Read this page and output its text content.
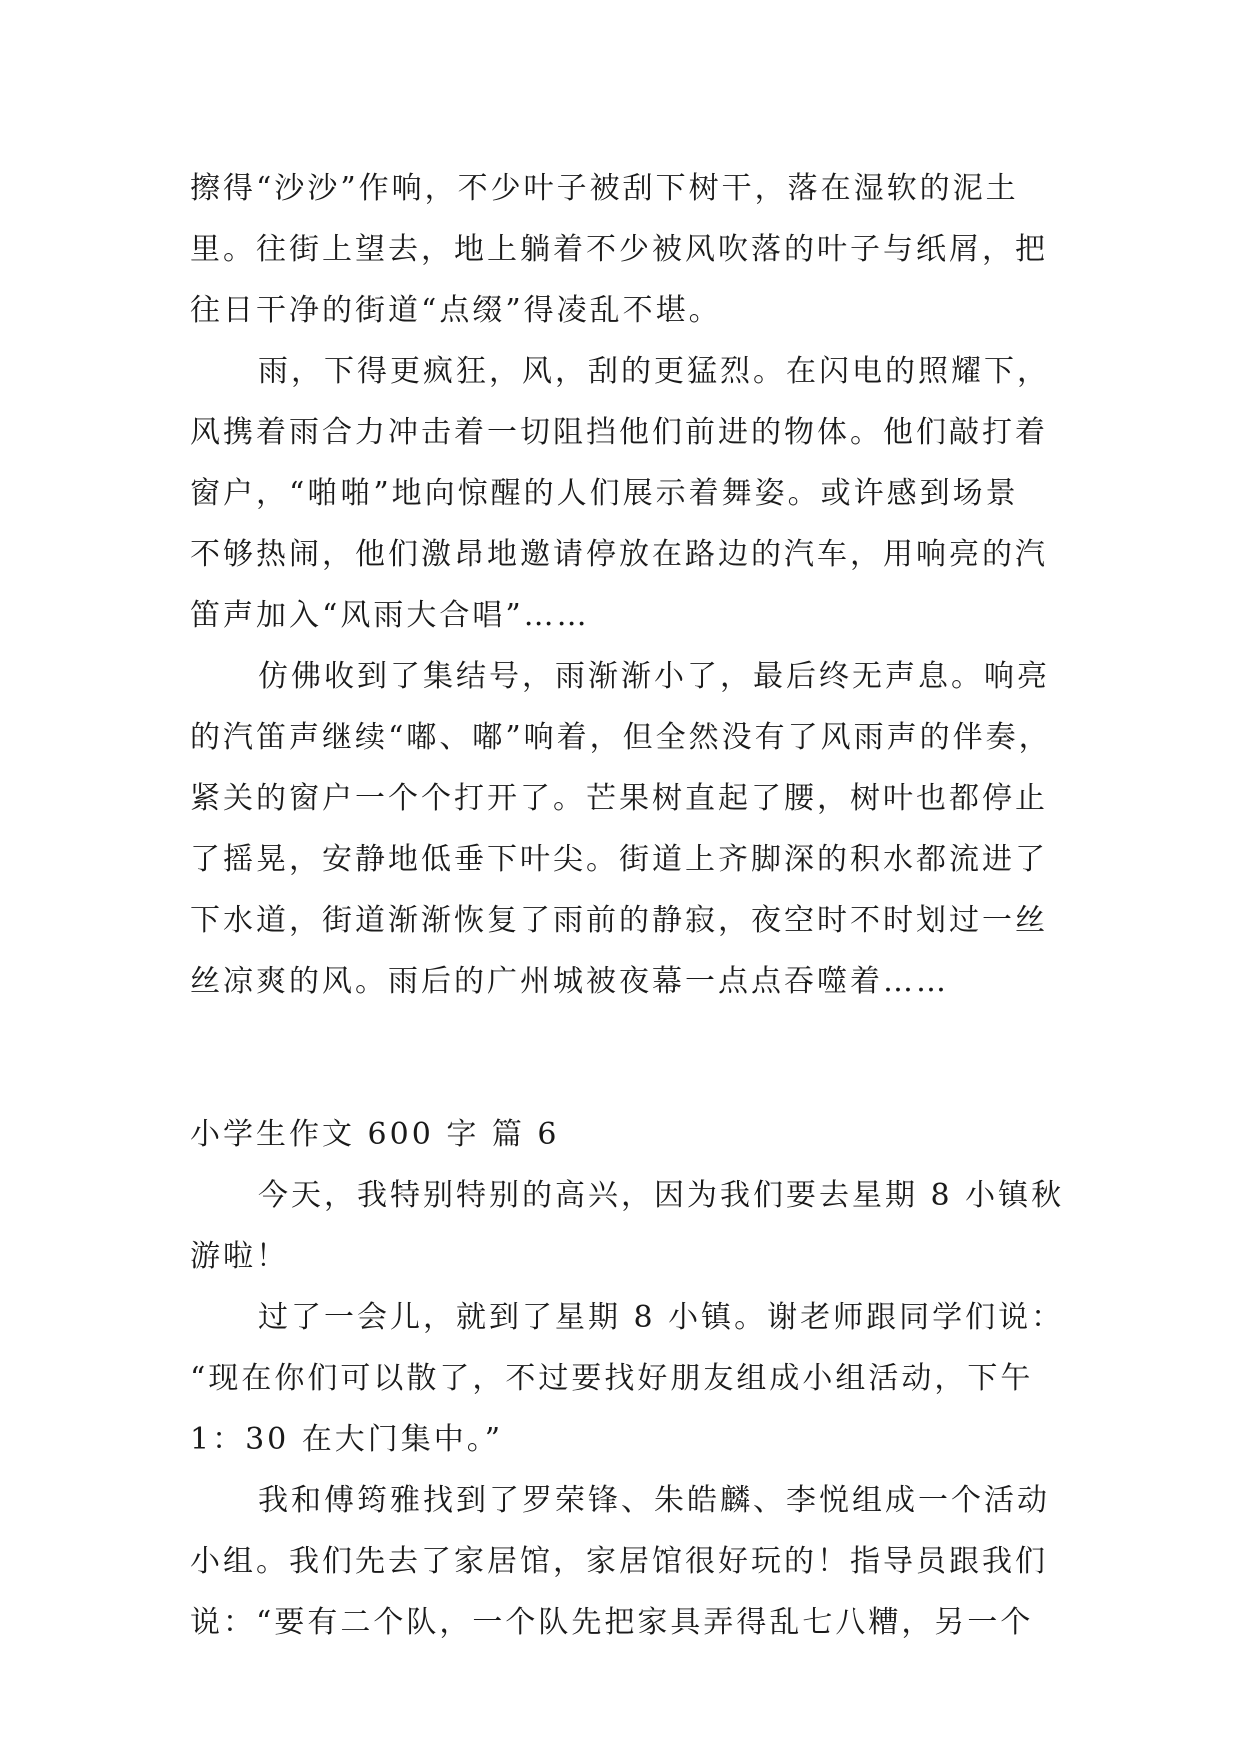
擦得“沙沙”作响，不少叶子被刮下树干，落在湿软的泥土
里。往街上望去，地上躺着不少被风吹落的叶子与纸屑，把
往日干净的街道“点缀”得凌乱不堪。
雨，下得更疯狂，风，刮的更猛烈。在闪电的照耀下，
风携着雨合力冲击着一切阻挡他们前进的物体。他们敲打着
窗户，“啪啪”地向惊醒的人们展示着舞姿。或许感到场景
不够热闹，他们激昂地邀请停放在路边的汽车，用响亮的汽
笛声加入“风雨大合唱”……
仿佛收到了集结号，雨渐渐小了，最后终无声息。响亮
的汽笛声继续“嘟、嘟”响着，但全然没有了风雨声的伴奏，
紧关的窗户一个个打开了。芒果树直起了腰，树叶也都停止
了摇晃，安静地低垂下叶尖。街道上齐脚深的积水都流进了
下水道，街道渐渐恢复了雨前的静寂，夜空时不时划过一丝
丝凉爽的风。雨后的广州城被夜幕一点点吞噬着……
小学生作文 600 字 篇 6
今天，我特别特别的高兴，因为我们要去星期 8 小镇秋
游啦！
过了一会儿，就到了星期 8 小镇。谢老师跟同学们说：
“现在你们可以散了，不过要找好朋友组成小组活动，下午
1：30 在大门集中。”
我和傅筠雅找到了罗荣锋、朱皓麟、李悦组成一个活动
小组。我们先去了家居馆，家居馆很好玩的！指导员跟我们
说：“要有二个队，一个队先把家具弄得乱七八糟，另一个
